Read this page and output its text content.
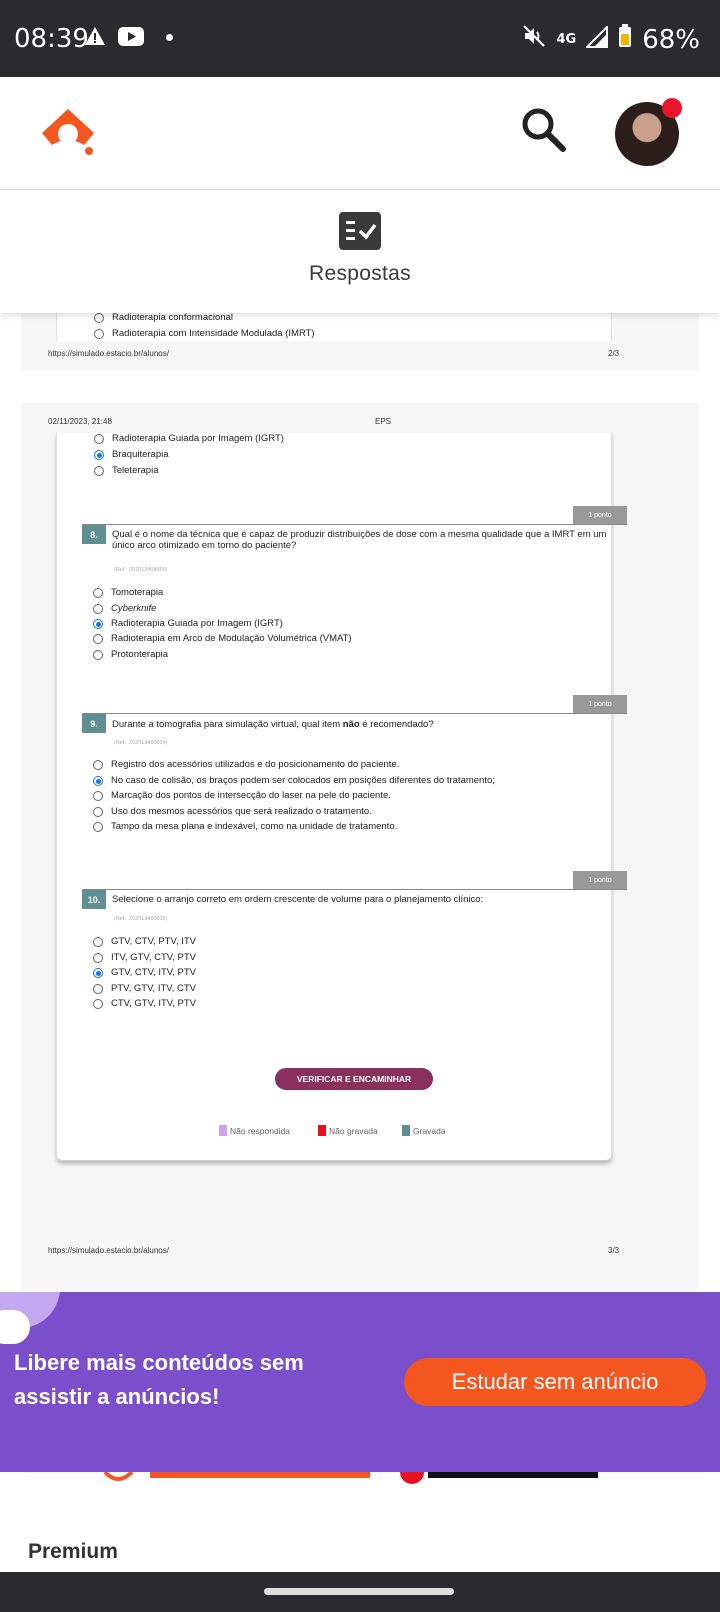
08:39	4G	68%
Respostas
Radioterapia conformacional
Radioterapia com Intensidade Modulada (IMRT)
https://simulado.estacio.br/alunos/	2/3
02/11/2023, 21:48	EPS
Radioterapia Guiada por Imagem (IGRT)
Braquiterapia
Teleterapia
1 ponto
8.	Qual é o nome da técnica que é capaz de produzir distribuições de dose com a mesma qualidade que a IMRT em um único arco otimizado em torno do paciente?
(Ref.: 202013408955)
Tomoterapia
Cyberknife
Radioterapia Guiada por Imagem (IGRT)
Radioterapia em Arco de Modulação Volumétrica (VMAT)
Protonterapia
1 ponto
9.	Durante a tomografia para simulação virtual, qual item não é recomendado?
(Ref.: 202013460034)
Registro dos acessórios utilizados e do posicionamento do paciente.
No caso de colisão, os braços podem ser colocados em posições diferentes do tratamento;
Marcação dos pontos de intersecção do laser na pele do paciente.
Uso dos mesmos acessórios que será realizado o tratamento.
Tampo da mesa plana e indexável, como na unidade de tratamento.
1 ponto
10.	Selecione o arranjo correto em ordem crescente de volume para o planejamento clínico:
(Ref.: 202013460036)
GTV, CTV, PTV, ITV
ITV, GTV, CTV, PTV
GTV, CTV, ITV, PTV
PTV, GTV, ITV, CTV
CTV, GTV, ITV, PTV
VERIFICAR E ENCAMINHAR
Não respondida	Não gravada	Gravada
https://simulado.estacio.br/alunos/	3/3
Libere mais conteúdos sem assistir a anúncios!
Estudar sem anúncio
Premium
